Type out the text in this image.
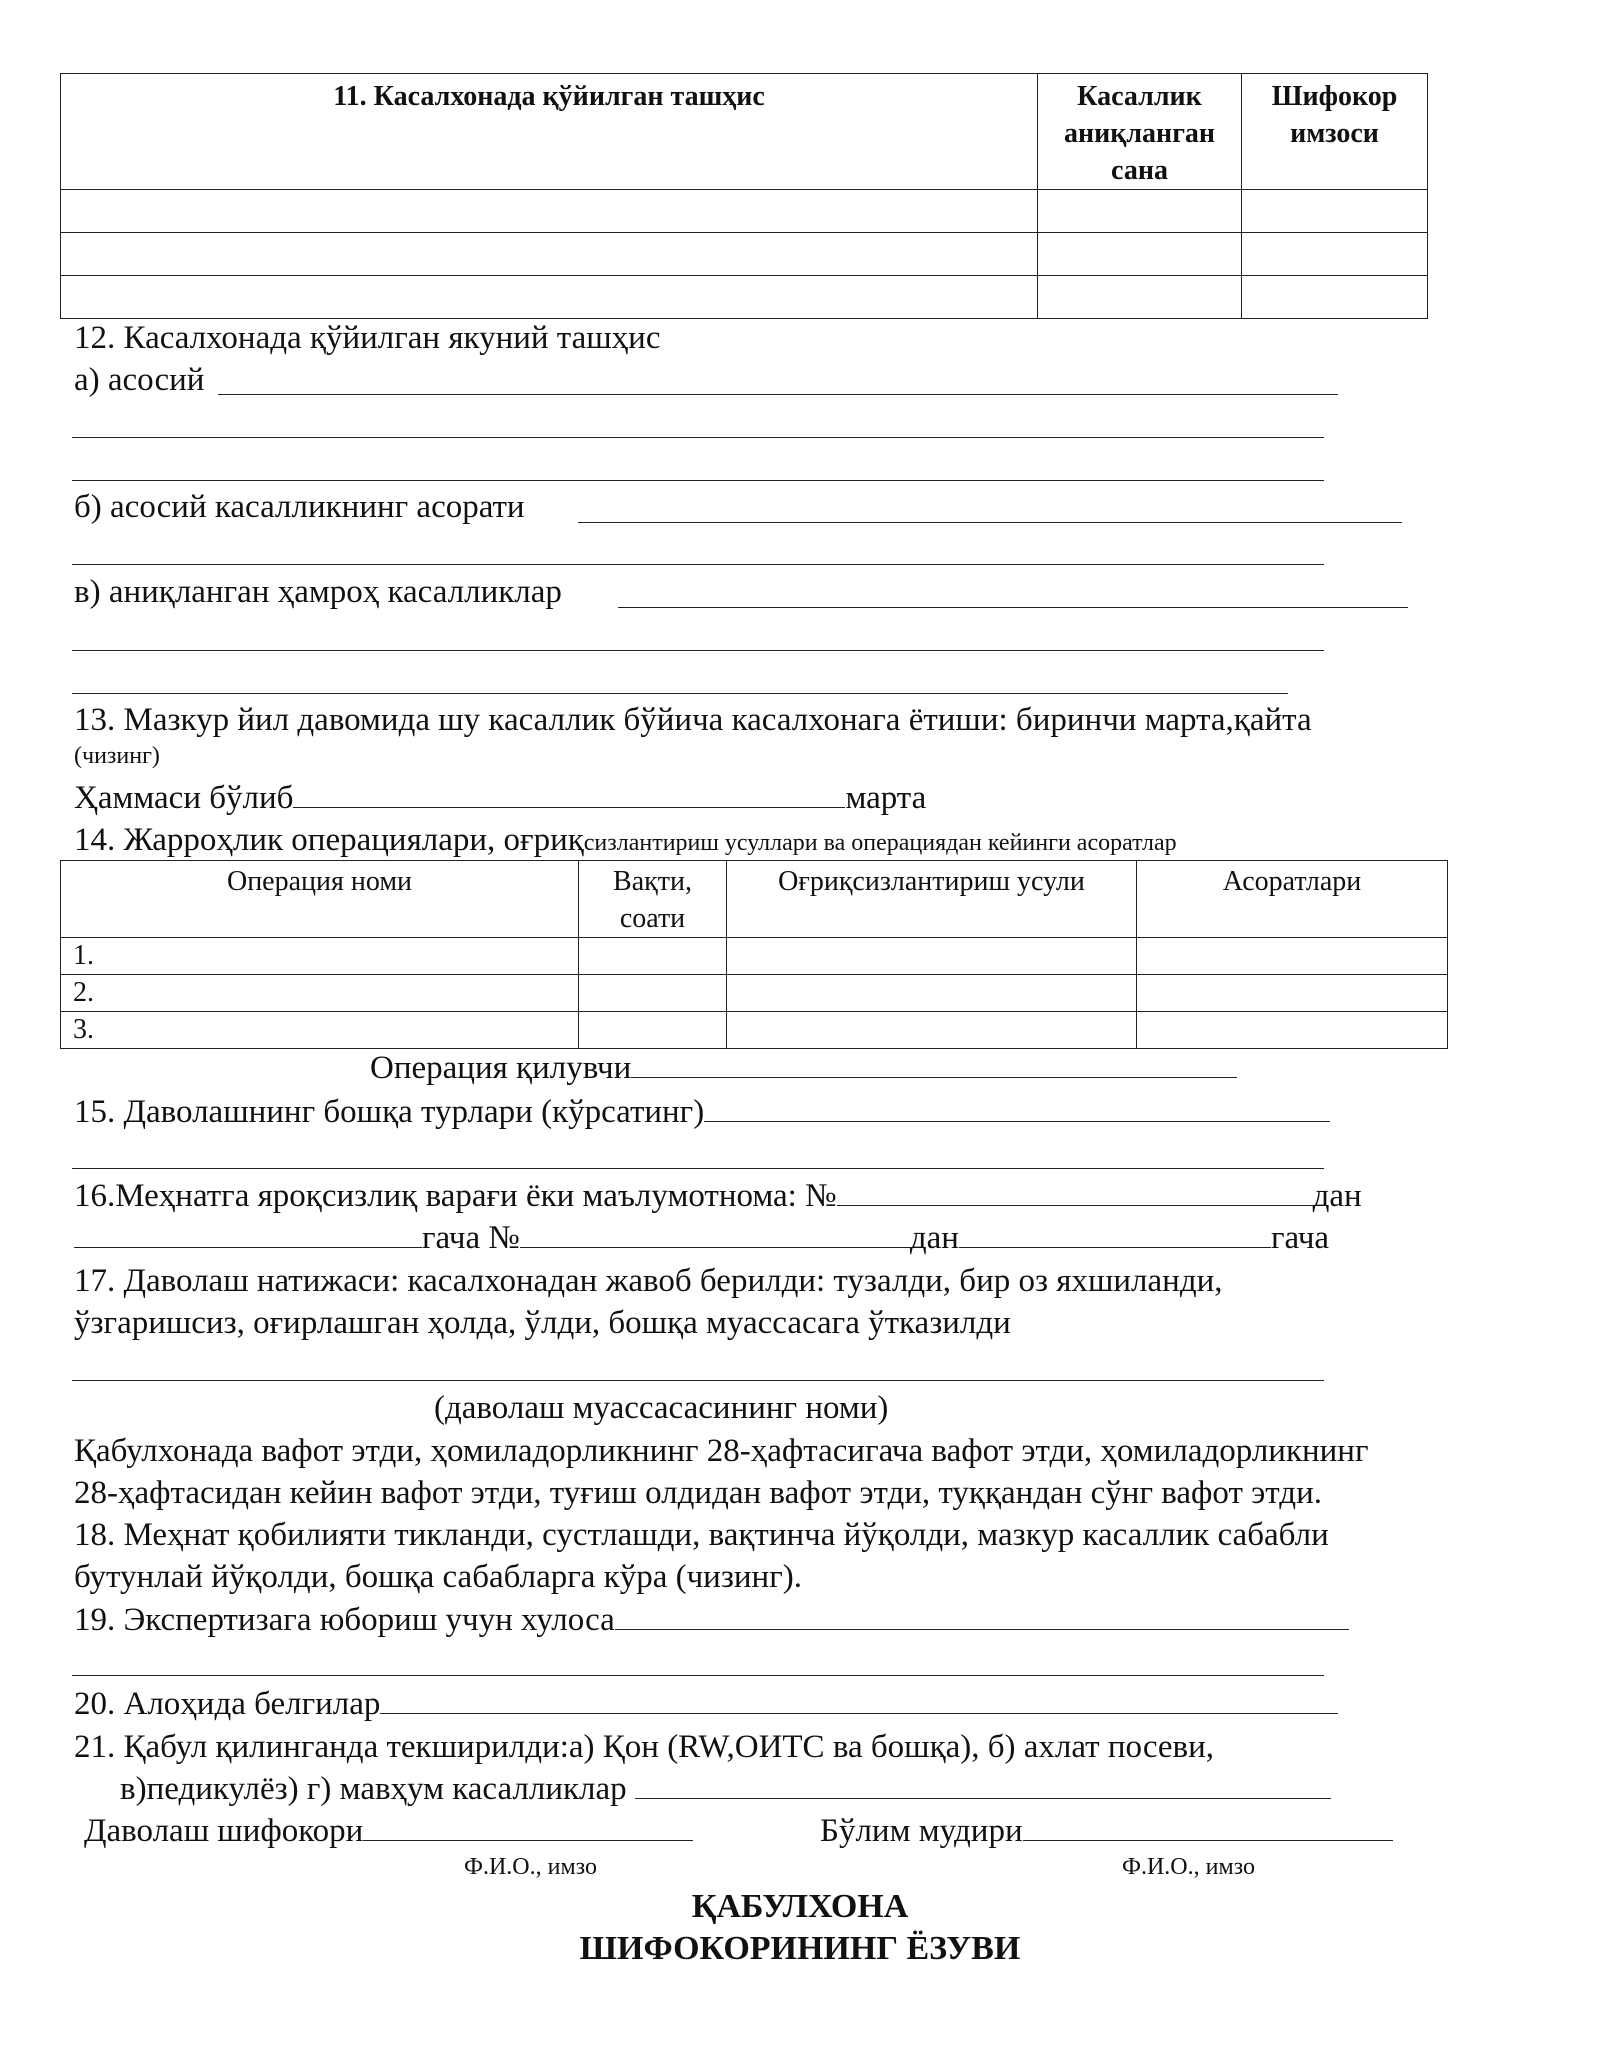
11. Касалхонада қўйилган ташҳис	Касаллик аниқланган сана	Шифокор имзоси

12. Касалхонада қўйилган якуний ташҳис
а) асосий
б) асосий касалликнинг асорати
в) аниқланган ҳамроҳ касалликлар
13. Мазкур йил давомида шу касаллик бўйича касалхонага ётиши: биринчи марта,қайта
(чизинг)
Ҳаммаси бўлиб	марта
14. Жарроҳлик операциялари, оғриқсизлантириш усуллари ва операциядан кейинги асоратлар
Операция номи	Вақти, соати	Оғриқсизлантириш усули	Асоратлари
1.			
2.			
3.			
Операция қилувчи
15. Даволашнинг бошқа турлари (кўрсатинг)
16.Меҳнатга яроқсизлиқ варағи ёки маълумотнома: №	дан
гача №	дан	гача
17. Даволаш натижаси: касалхонадан жавоб берилди: тузалди, бир оз яхшиланди,
ўзгаришсиз, оғирлашган ҳолда, ўлди, бошқа муассасага ўтказилди
(даволаш муассасасининг номи)
Қабулхонада вафот этди, ҳомиладорликнинг 28-ҳафтасигача вафот этди, ҳомиладорликнинг
28-ҳафтасидан кейин вафот этди, туғиш олдидан вафот этди, туққандан сўнг вафот этди.
18. Меҳнат қобилияти тикланди, сустлашди, вақтинча йўқолди, мазкур касаллик сабабли
бутунлай йўқолди, бошқа сабабларга кўра (чизинг).
19. Экспертизага юбориш учун хулоса
20. Алоҳида белгилар
21. Қабул қилинганда текширилди:а) Қон (RW,ОИТС ва бошқа), б) ахлат посеви,
в)педикулёз) г) мавҳум касалликлар
Даволаш шифокори	Бўлим мудири
Ф.И.О., имзо	Ф.И.О., имзо
ҚАБУЛХОНА
ШИФОКОРИНИНГ ЁЗУВИ
